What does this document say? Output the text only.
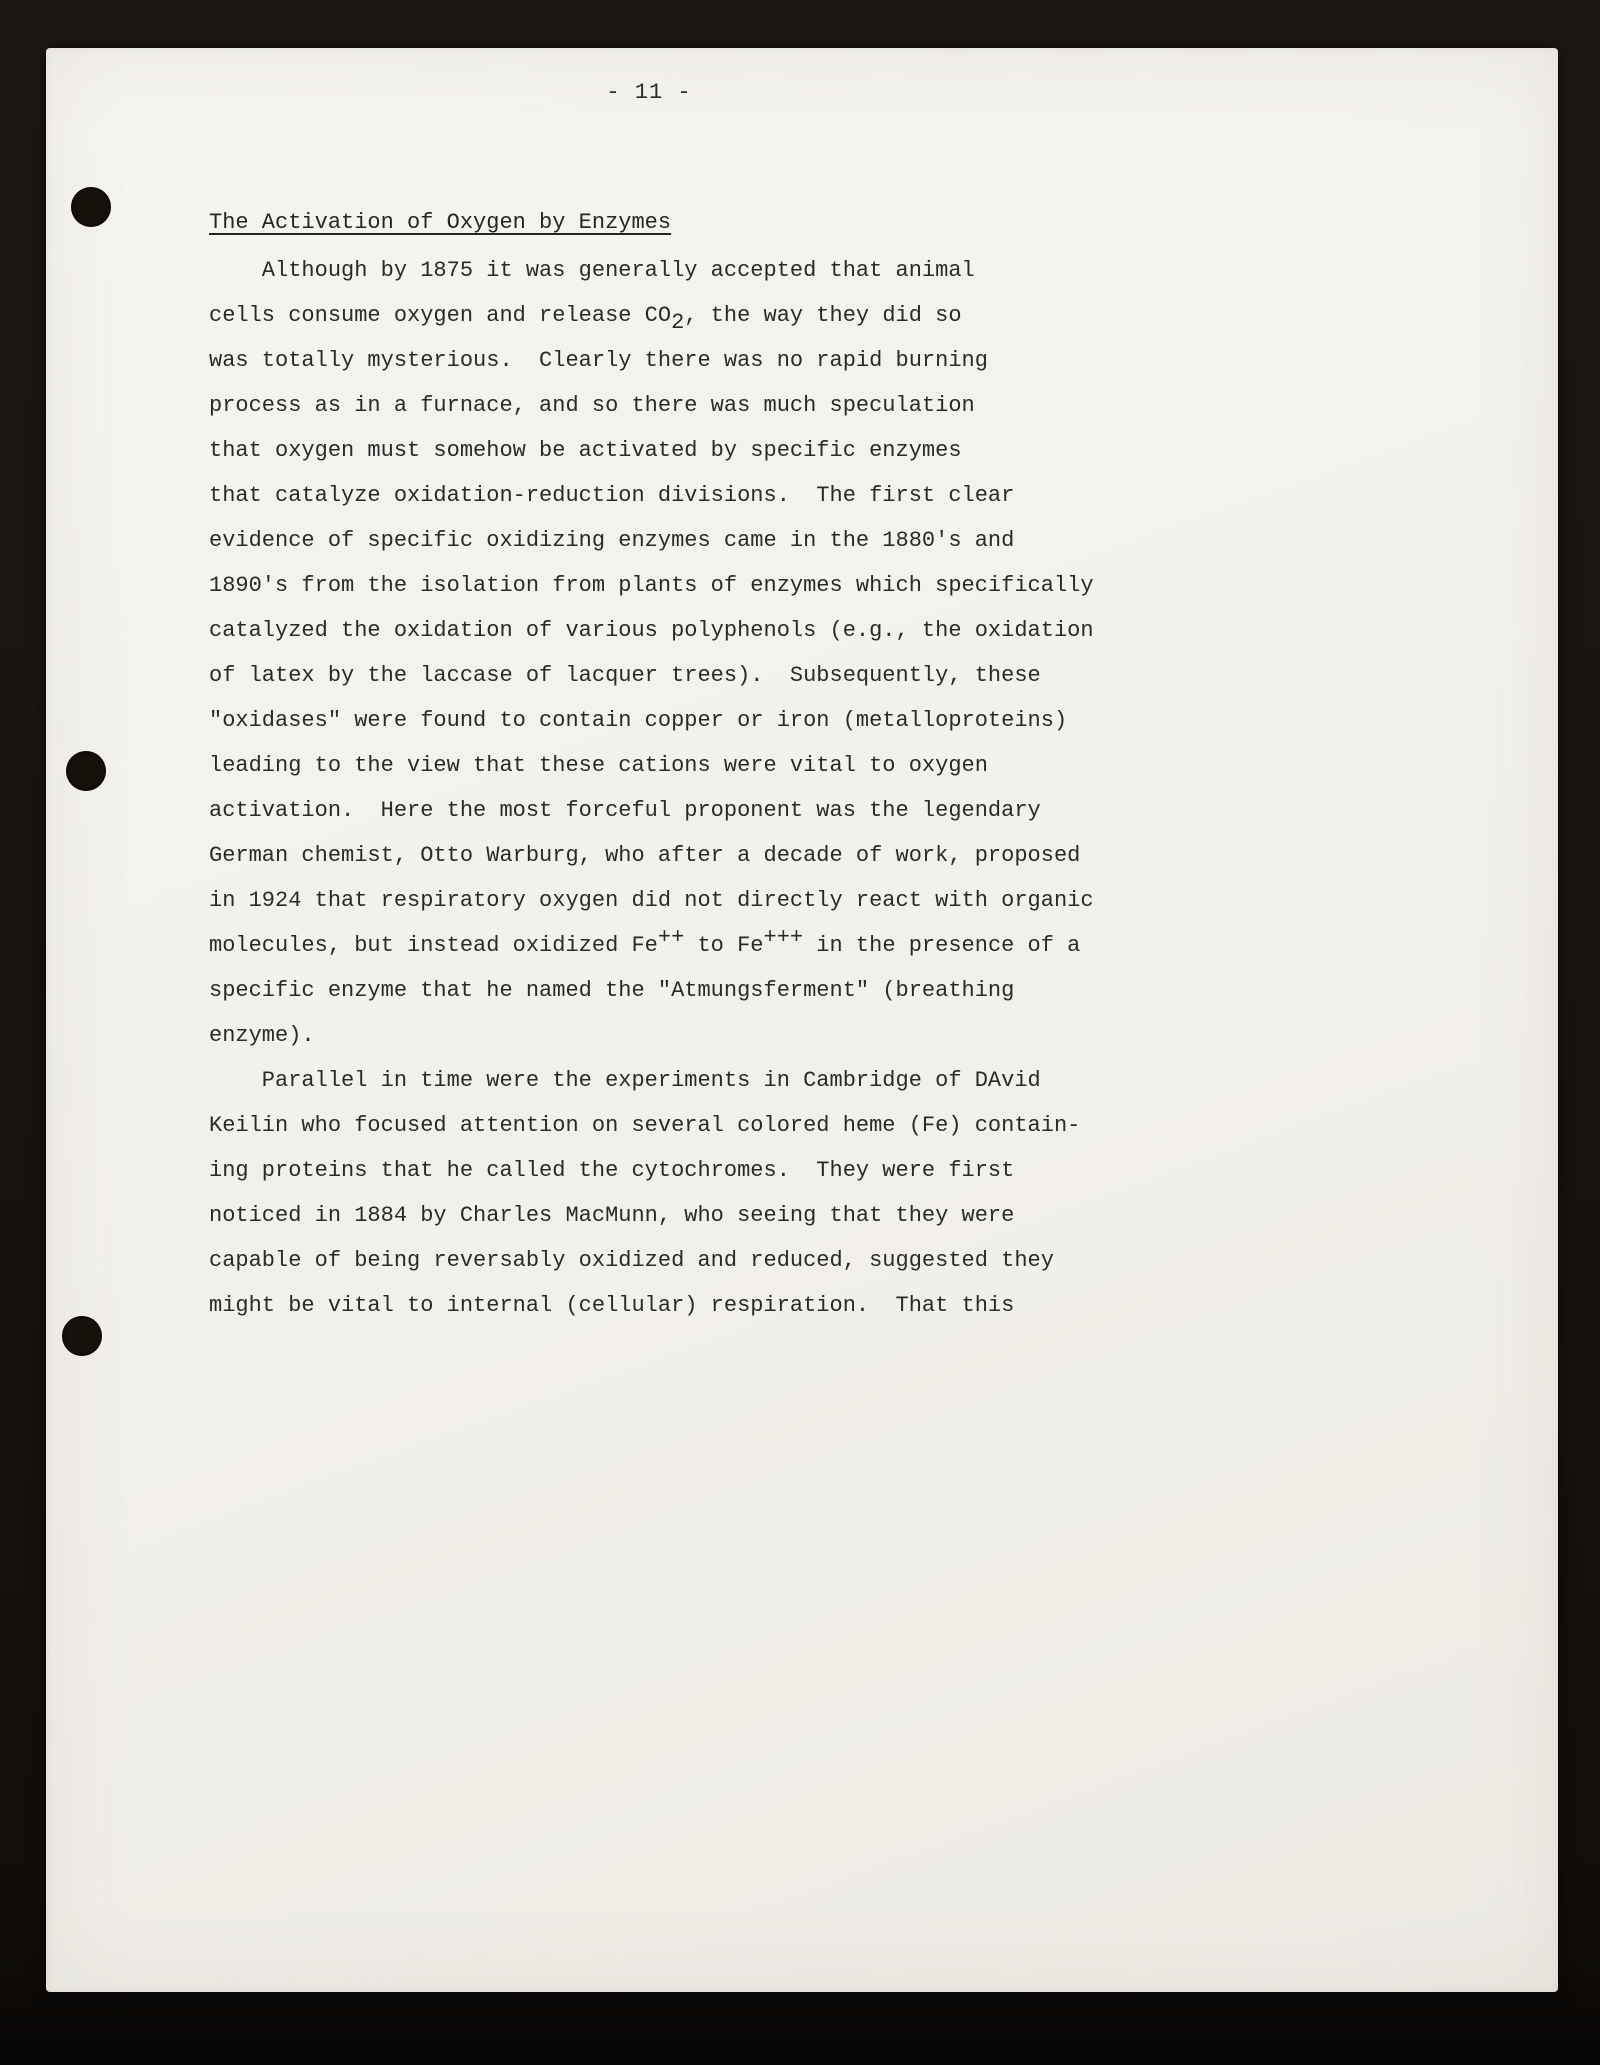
- 11 -
The Activation of Oxygen by Enzymes
Although by 1875 it was generally accepted that animal
cells consume oxygen and release CO2, the way they did so
was totally mysterious.  Clearly there was no rapid burning
process as in a furnace, and so there was much speculation
that oxygen must somehow be activated by specific enzymes
that catalyze oxidation-reduction divisions.  The first clear
evidence of specific oxidizing enzymes came in the 1880's and
1890's from the isolation from plants of enzymes which specifically
catalyzed the oxidation of various polyphenols (e.g., the oxidation
of latex by the laccase of lacquer trees).  Subsequently, these
"oxidases" were found to contain copper or iron (metalloproteins)
leading to the view that these cations were vital to oxygen
activation.  Here the most forceful proponent was the legendary
German chemist, Otto Warburg, who after a decade of work, proposed
in 1924 that respiratory oxygen did not directly react with organic
molecules, but instead oxidized Fe++ to Fe+++ in the presence of a
specific enzyme that he named the "Atmungsferment" (breathing
enzyme).
Parallel in time were the experiments in Cambridge of DAvid
Keilin who focused attention on several colored heme (Fe) contain-
ing proteins that he called the cytochromes.  They were first
noticed in 1884 by Charles MacMunn, who seeing that they were
capable of being reversably oxidized and reduced, suggested they
might be vital to internal (cellular) respiration.  That this
